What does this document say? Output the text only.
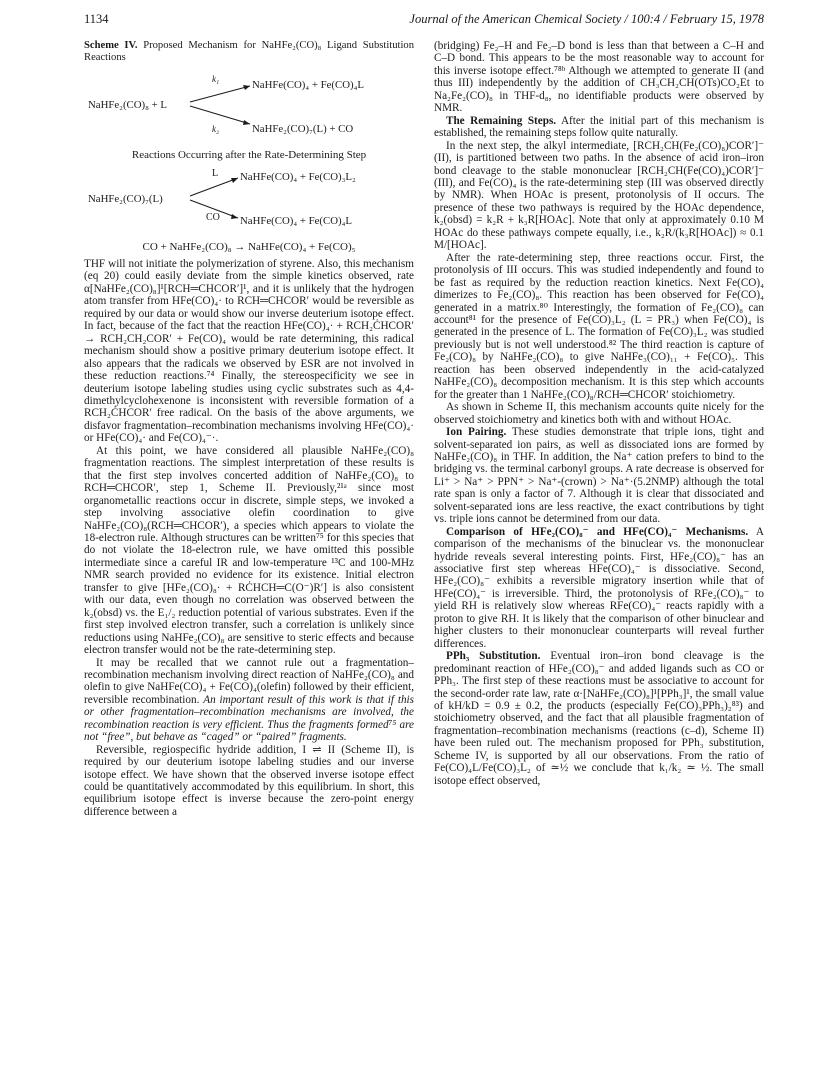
1134	Journal of the American Chemical Society / 100:4 / February 15, 1978
Scheme IV. Proposed Mechanism for NaHFe₂(CO)₈ Ligand Substitution Reactions
NaHFe₂(CO)₈ + L
k₁
k₂
NaHFe(CO)₄ + Fe(CO)₄L
NaHFe₂(CO)₇(L) + CO
Reactions Occurring after the Rate-Determining Step
NaHFe₂(CO)₇(L)
L
CO
NaHFe(CO)₄ + Fe(CO)₃L₂
NaHFe(CO)₄ + Fe(CO)₄L
CO + NaHFe₂(CO)₈ → NaHFe(CO)₄ + Fe(CO)₅

THF will not initiate the polymerization of styrene. Also, this mechanism (eq 20) could easily deviate from the simple kinetics observed, rate α[NaHFe₂(CO)₈]¹[RCH═CHCOR′]¹, and it is unlikely that the hydrogen atom transfer from HFe(CO)₄· to RCH═CHCOR′ would be reversible as required by our data or would show our inverse deuterium isotope effect. In fact, because of the fact that the reaction HFe(CO)₄· + RCH₂ĊHCOR′ → RCH₂CH₂COR′ + Fe(CO)₄ would be rate determining, this radical mechanism should show a positive primary deuterium isotope effect. It also appears that the radicals we observed by ESR are not involved in these reduction reactions.⁷⁴ Finally, the stereospecificity we see in deuterium isotope labeling studies using cyclic substrates such as 4,4-dimethylcyclohexenone is inconsistent with reversible formation of a RCH₂ĊHCOR′ free radical. On the basis of the above arguments, we disfavor fragmentation–recombination mechanisms involving HFe(CO)₄· or HFe(CO)₄· and Fe(CO)₄⁻·.

At this point, we have considered all plausible NaHFe₂(CO)₈ fragmentation reactions. The simplest interpretation of these results is that the first step involves concerted addition of NaHFe₂(CO)₈ to RCH═CHCOR′, step 1, Scheme II. Previously,²¹ᵃ since most organometallic reactions occur in discrete, simple steps, we invoked a step involving associative olefin coordination to give NaHFe₂(CO)₈(RCH═CHCOR′), a species which appears to violate the 18-electron rule. Although structures can be written⁷⁵ for this species that do not violate the 18-electron rule, we have omitted this possible intermediate since a careful IR and low-temperature ¹³C and 100-MHz NMR search provided no evidence for its existence. Initial electron transfer to give [HFe₂(CO)₈· + RĊHCH═C(O⁻)R′] is also consistent with our data, even though no correlation was observed between the k₂(obsd) vs. the E₁/₂ reduction potential of various substrates. Even if the first step involved electron transfer, such a correlation is unlikely since reductions using NaHFe₂(CO)₈ are sensitive to steric effects and because electron transfer would not be the rate-determining step.

It may be recalled that we cannot rule out a fragmentation–recombination mechanism involving direct reaction of NaHFe₂(CO)₈ and olefin to give NaHFe(CO)₄ + Fe(CO)₄(olefin) followed by their efficient, reversible recombination. An important result of this work is that if this or other fragmentation–recombination mechanisms are involved, the recombination reaction is very efficient. Thus the fragments formed⁷⁵ are not “free”, but behave as “caged” or “paired” fragments.

Reversible, regiospecific hydride addition, I ⇌ II (Scheme II), is required by our deuterium isotope labeling studies and our inverse isotope effect. We have shown that the observed inverse isotope effect could be quantitatively accommodated by this equilibrium. In short, this equilibrium isotope effect is inverse because the zero-point energy difference between a

(bridging) Fe₂–H and Fe₂–D bond is less than that between a C–H and C–D bond. This appears to be the most reasonable way to account for this inverse isotope effect.⁷⁸ᵇ Although we attempted to generate II (and thus III) independently by the addition of CH₃CH₂CH(OTs)CO₂Et to Na₂Fe₂(CO)₈ in THF-d₈, no identifiable products were observed by NMR.

The Remaining Steps. After the initial part of this mechanism is established, the remaining steps follow quite naturally.

In the next step, the alkyl intermediate, [RCH₂CH(Fe₂(CO)₈)COR′]⁻ (II), is partitioned between two paths. In the absence of acid iron–iron bond cleavage to the stable mononuclear [RCH₂CH(Fe(CO)₄)COR′]⁻ (III), and Fe(CO)₄ is the rate-determining step (III was observed directly by NMR). When HOAc is present, protonolysis of II occurs. The presence of these two pathways is required by the HOAc dependence, k₂(obsd) = k₂R + k₃R[HOAc]. Note that only at approximately 0.10 M HOAc do these pathways compete equally, i.e., k₂R/(k₃R[HOAc]) ≈ 0.1 M/[HOAc].

After the rate-determining step, three reactions occur. First, the protonolysis of III occurs. This was studied independently and found to be fast as required by the reduction reaction kinetics. Next Fe(CO)₄ dimerizes to Fe₂(CO)₈. This reaction has been observed for Fe(CO)₄ generated in a matrix.⁸⁰ Interestingly, the formation of Fe₂(CO)₈ can account⁸¹ for the presence of Fe(CO)₃L₂ (L = PR₃) when Fe(CO)₄ is generated in the presence of L. The formation of Fe(CO)₃L₂ was studied previously but is not well understood.⁸² The third reaction is capture of Fe₂(CO)₈ by NaHFe₂(CO)₈ to give NaHFe₃(CO)₁₁ + Fe(CO)₅. This reaction has been observed independently in the acid-catalyzed NaHFe₂(CO)₈ decomposition mechanism. It is this step which accounts for the greater than 1 NaHFe₂(CO)₈/RCH═CHCOR′ stoichiometry.

As shown in Scheme II, this mechanism accounts quite nicely for the observed stoichiometry and kinetics both with and without HOAc.

Ion Pairing. These studies demonstrate that triple ions, tight and solvent-separated ion pairs, as well as dissociated ions are formed by NaHFe₂(CO)₈ in THF. In addition, the Na⁺ cation prefers to bind to the bridging vs. the terminal carbonyl groups. A rate decrease is observed for Li⁺ > Na⁺ > PPN⁺ > Na⁺-(crown) > Na⁺·(5.2NMP) although the total rate span is only a factor of 7. Although it is clear that dissociated and solvent-separated ions are less reactive, the exact contributions by tight vs. triple ions cannot be determined from our data.

Comparison of HFe₂(CO)₈⁻ and HFe(CO)₄⁻ Mechanisms. A comparison of the mechanisms of the binuclear vs. the mononuclear hydride reveals several interesting points. First, HFe₂(CO)₈⁻ has an associative first step whereas HFe(CO)₄⁻ is dissociative. Second, HFe₂(CO)₈⁻ exhibits a reversible migratory insertion while that of HFe(CO)₄⁻ is irreversible. Third, the protonolysis of RFe₂(CO)₈⁻ to yield RH is relatively slow whereas RFe(CO)₄⁻ reacts rapidly with a proton to give RH. It is likely that the comparison of other binuclear and higher clusters to their mononuclear counterparts will reveal further differences.

PPh₃ Substitution. Eventual iron–iron bond cleavage is the predominant reaction of HFe₂(CO)₈⁻ and added ligands such as CO or PPh₃. The first step of these reactions must be associative to account for the second-order rate law, rate α·[NaHFe₂(CO)₈]¹[PPh₃]¹, the small value of kH/kD = 0.9 ± 0.2, the products (especially Fe(CO)₃PPh₃)₂⁸³) and stoichiometry observed, and the fact that all plausible fragmentation of fragmentation–recombination mechanisms (reactions (c–d), Scheme II) have been ruled out. The mechanism proposed for PPh₃ substitution, Scheme IV, is supported by all our observations. From the ratio of Fe(CO)₄L/Fe(CO)₃L₂ of ≃½ we conclude that k₁/k₂ ≃ ½. The small isotope effect observed,
